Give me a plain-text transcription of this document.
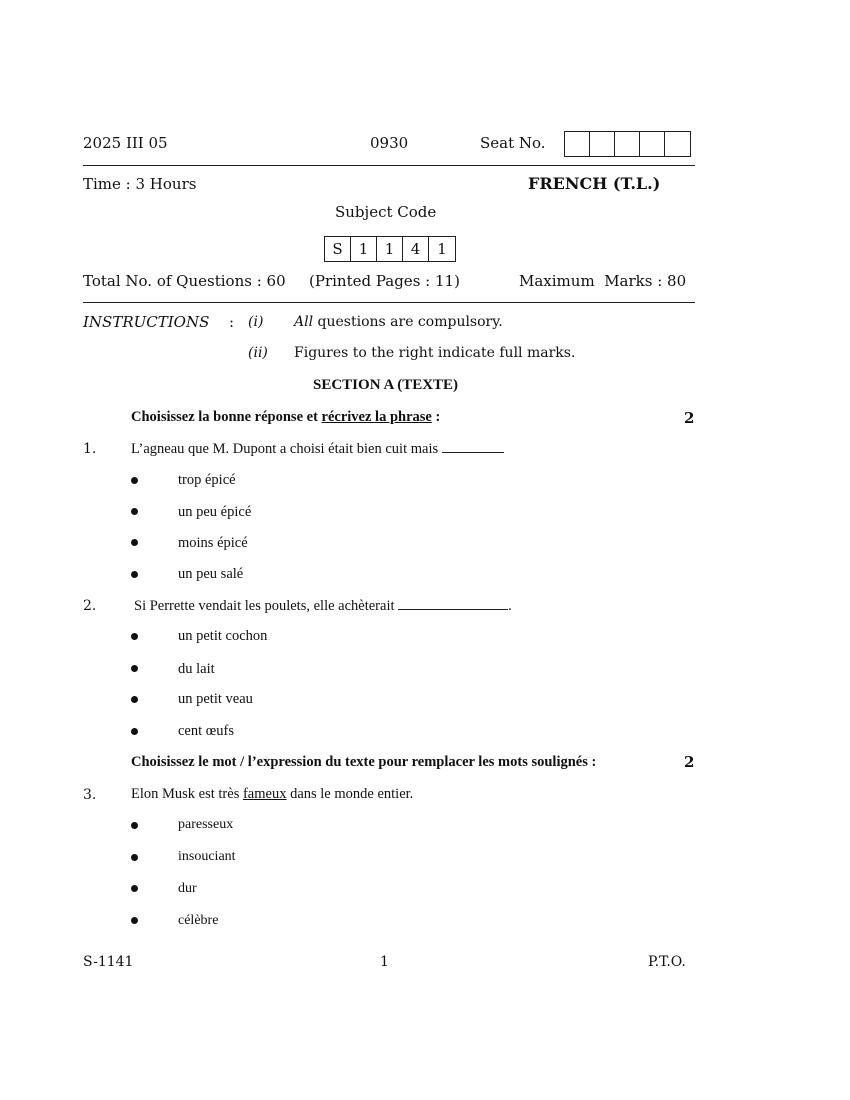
2025 III 05	0930	Seat No.
Time : 3 Hours	FRENCH (T.L.)
Subject Code
S	1	1	4	1
Total No. of Questions : 60 (Printed Pages : 11)	Maximum  Marks : 80
INSTRUCTIONS : (i) All questions are compulsory.
(ii) Figures to the right indicate full marks.
SECTION A (TEXTE)
Choisissez la bonne réponse et récrivez la phrase :	2
1. L’agneau que M. Dupont a choisi était bien cuit mais
trop épicé
un peu épicé
moins épicé
un peu salé
2.	Si Perrette vendait les poulets, elle achèterait	.
un petit cochon
du lait
un petit veau
cent œufs
Choisissez le mot / l’expression du texte pour remplacer les mots soulignés :	2
3. Elon Musk est très fameux dans le monde entier.
paresseux
insouciant
dur
célèbre
S-1141	1	P.T.O.
